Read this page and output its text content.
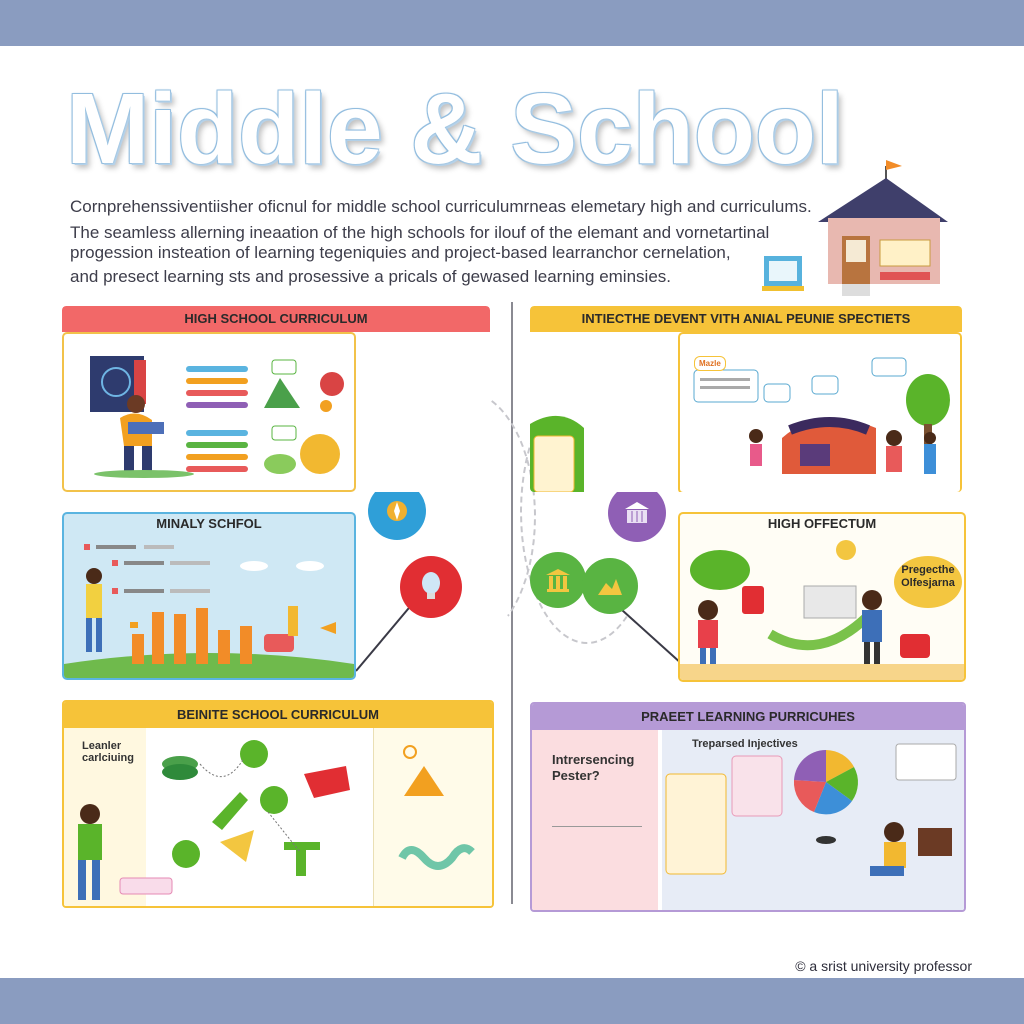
Middle & School
Cornprehenssiventiisher oficnul for middle school curriculumrneas elemetary high and curriculums.
The seamless allerning ineaation of the high schools for ilouf of the elemant and vornetartinal
progession insteation of learning tegeniquies and project-based learranchor cernelation,
and presect learning sts and prosessive a pricals of gewased learning eminsies.
HIGH SCHOOL CURRICULUM
MINALY SCHFOL
BEINITE SCHOOL CURRICULUM
Leanler carlciuing
INTIECTHE DEVENT VITH ANIAL PEUNIE SPECTIETS
Mazle
HIGH OFFECTUM
Pregecthe Olfesjarna
PRAEET LEARNING PURRICUHES
Intrersencing Pester?
Treparsed Injectives
© a srist university professor
